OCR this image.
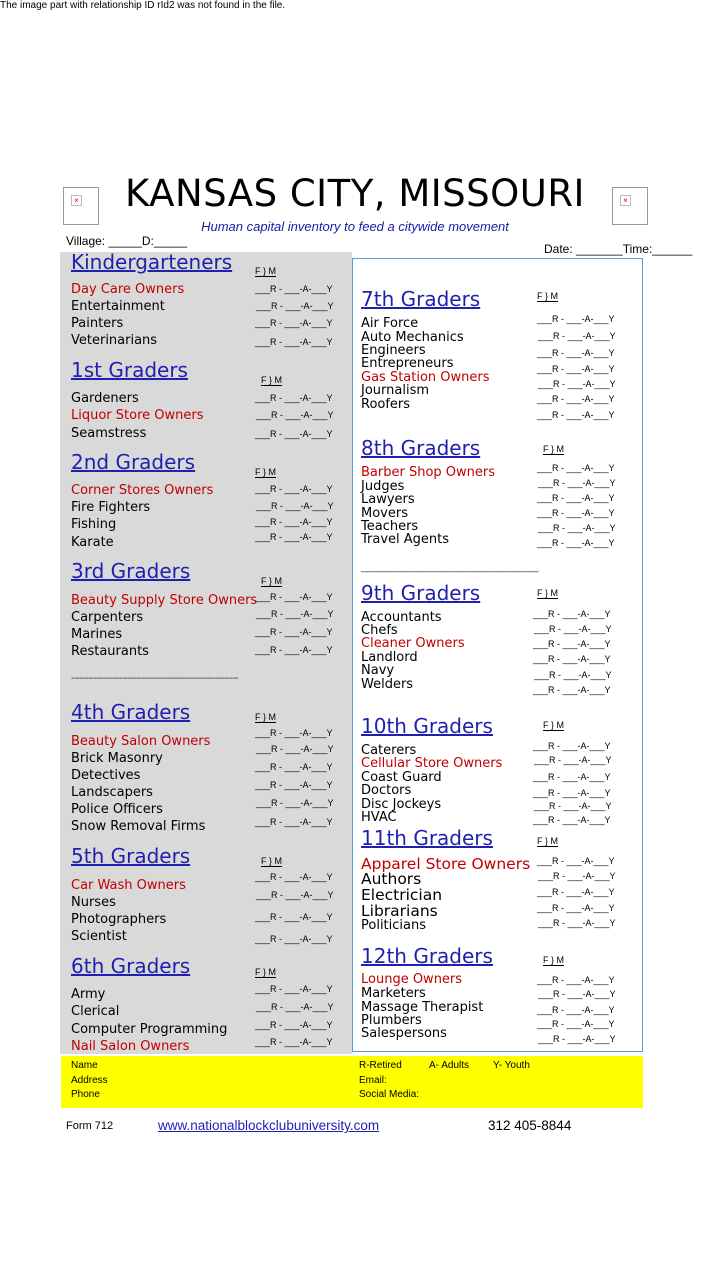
The image part with relationship ID rId2 was not found in the file.
×	×
KANSAS CITY, MISSOURI
Human capital inventory to feed a citywide movement
Village: _____D:_____
Date: _______Time:______
Kindergarteners	F } M
Day Care Owners	___R - ___-A-___Y
Entertainment	___R - ___-A-___Y
Painters	___R - ___-A-___Y
Veterinarians	___R - ___-A-___Y
1st Graders	F } M
Gardeners	___R - ___-A-___Y
Liquor Store Owners	___R - ___-A-___Y
Seamstress	___R - ___-A-___Y
2nd Graders	F } M
Corner Stores Owners	___R - ___-A-___Y
Fire Fighters	___R - ___-A-___Y
Fishing	___R - ___-A-___Y
Karate	___R - ___-A-___Y
3rd Graders	F } M
Beauty Supply Store Owners
___R - ___-A-___Y
Carpenters	___R - ___-A-___Y
Marines	___R - ___-A-___Y
Restaurants	___R - ___-A-___Y
4th Graders	F } M
Beauty Salon Owners
___R - ___-A-___Y
Brick Masonry
___R - ___-A-___Y
Detectives
___R - ___-A-___Y
Landscapers	___R - ___-A-___Y
Police Officers	___R - ___-A-___Y
Snow Removal Firms	___R - ___-A-___Y
5th Graders	F } M
Car Wash Owners
___R - ___-A-___Y
Nurses	___R - ___-A-___Y
Photographers	___R - ___-A-___Y
Scientist	___R - ___-A-___Y
6th Graders	F } M
Army	___R - ___-A-___Y
Clerical	___R - ___-A-___Y
Computer Programming	___R - ___-A-___Y
Nail Salon Owners	___R - ___-A-___Y
7th Graders	F } M
Air Force	___R - ___-A-___Y
Auto Mechanics	___R - ___-A-___Y
Engineers	___R - ___-A-___Y
Entrepreneurs	___R - ___-A-___Y
Gas Station Owners	___R - ___-A-___Y
Journalism
___R - ___-A-___Y
Roofers
___R - ___-A-___Y
8th Graders	F } M
Barber Shop Owners	___R - ___-A-___Y
Judges	___R - ___-A-___Y
Lawyers	___R - ___-A-___Y
Movers	___R - ___-A-___Y
Teachers	___R - ___-A-___Y
Travel Agents	___R - ___-A-___Y
9th Graders	F } M
Accountants	___R - ___-A-___Y
Chefs	___R - ___-A-___Y
Cleaner Owners	___R - ___-A-___Y
Landlord	___R - ___-A-___Y
Navy	___R - ___-A-___Y
Welders	___R - ___-A-___Y
10th Graders	F } M
Caterers	___R - ___-A-___Y
Cellular Store Owners	___R - ___-A-___Y
Coast Guard	___R - ___-A-___Y
Doctors	___R - ___-A-___Y
Disc Jockeys	___R - ___-A-___Y
HVAC	___R - ___-A-___Y
11th Graders	F } M
Apparel Store Owners ___R - ___-A-___Y
Authors	___R - ___-A-___Y
Electrician	___R - ___-A-___Y
Librarians	___R - ___-A-___Y
Politicians	___R - ___-A-___Y
12th Graders	F } M
Lounge Owners	___R - ___-A-___Y
Marketers	___R - ___-A-___Y
Massage Therapist	___R - ___-A-___Y
Plumbers	___R - ___-A-___Y
Salespersons	___R - ___-A-___Y
-----------------------------------------------------------
___________________________________
Name
Address
Phone
R-Retired	A- Adults Y- Youth
Email:
Social Media:
Form 712	www.nationalblockclubuniversity.com	312 405-8844
